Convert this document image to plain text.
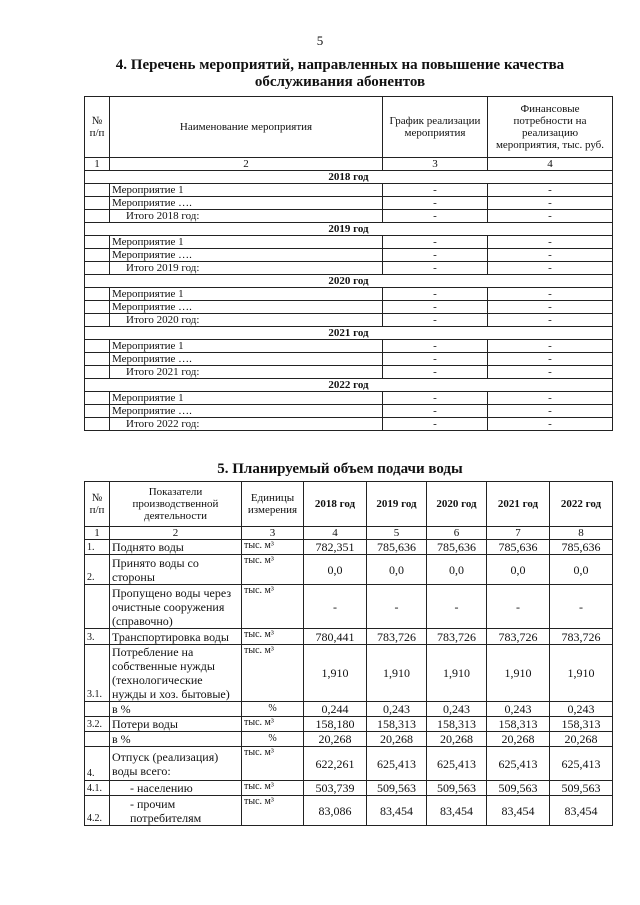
5
4. Перечень мероприятий, направленных на повышение качества
обслуживания абонентов
№ п/п	Наименование мероприятия	График реализации мероприятия	Финансовые потребности на реализацию мероприятия, тыс. руб.
1	2	3	4
2018 год			
	Мероприятие 1	-	-
	Мероприятие ….	-	-
	Итого 2018 год:	-	-
2019 год			
	Мероприятие 1	-	-
	Мероприятие ….	-	-
	Итого 2019 год:	-	-
2020 год			
	Мероприятие 1	-	-
	Мероприятие ….	-	-
	Итого 2020 год:	-	-
2021 год			
	Мероприятие 1	-	-
	Мероприятие ….	-	-
	Итого 2021 год:	-	-
2022 год			
	Мероприятие 1	-	-
	Мероприятие ….	-	-
	Итого 2022 год:	-	-
5. Планируемый объем подачи воды
№ п/п	Показатели производственной деятельности	Единицы измерения	2018 год	2019 год	2020 год	2021 год	2022 год
1	2	3	4	5	6	7	8
1.	Поднято воды	тыс. м³	782,351	785,636	785,636	785,636	785,636
2.	Принято воды со стороны	тыс. м³	0,0	0,0	0,0	0,0	0,0
	Пропущено воды через очистные сооружения (справочно)	тыс. м³	-	-	-	-	-
3.	Транспортировка воды	тыс. м³	780,441	783,726	783,726	783,726	783,726
3.1.	Потребление на собственные нужды (технологические нужды и хоз. бытовые)	тыс. м³	1,910	1,910	1,910	1,910	1,910
	в %	%	0,244	0,243	0,243	0,243	0,243
3.2.	Потери воды	тыс. м³	158,180	158,313	158,313	158,313	158,313
	в %	%	20,268	20,268	20,268	20,268	20,268
4.	Отпуск (реализация) воды всего:	тыс. м³	622,261	625,413	625,413	625,413	625,413
4.1.	- населению	тыс. м³	503,739	509,563	509,563	509,563	509,563
4.2.	- прочим потребителям	тыс. м³	83,086	83,454	83,454	83,454	83,454
